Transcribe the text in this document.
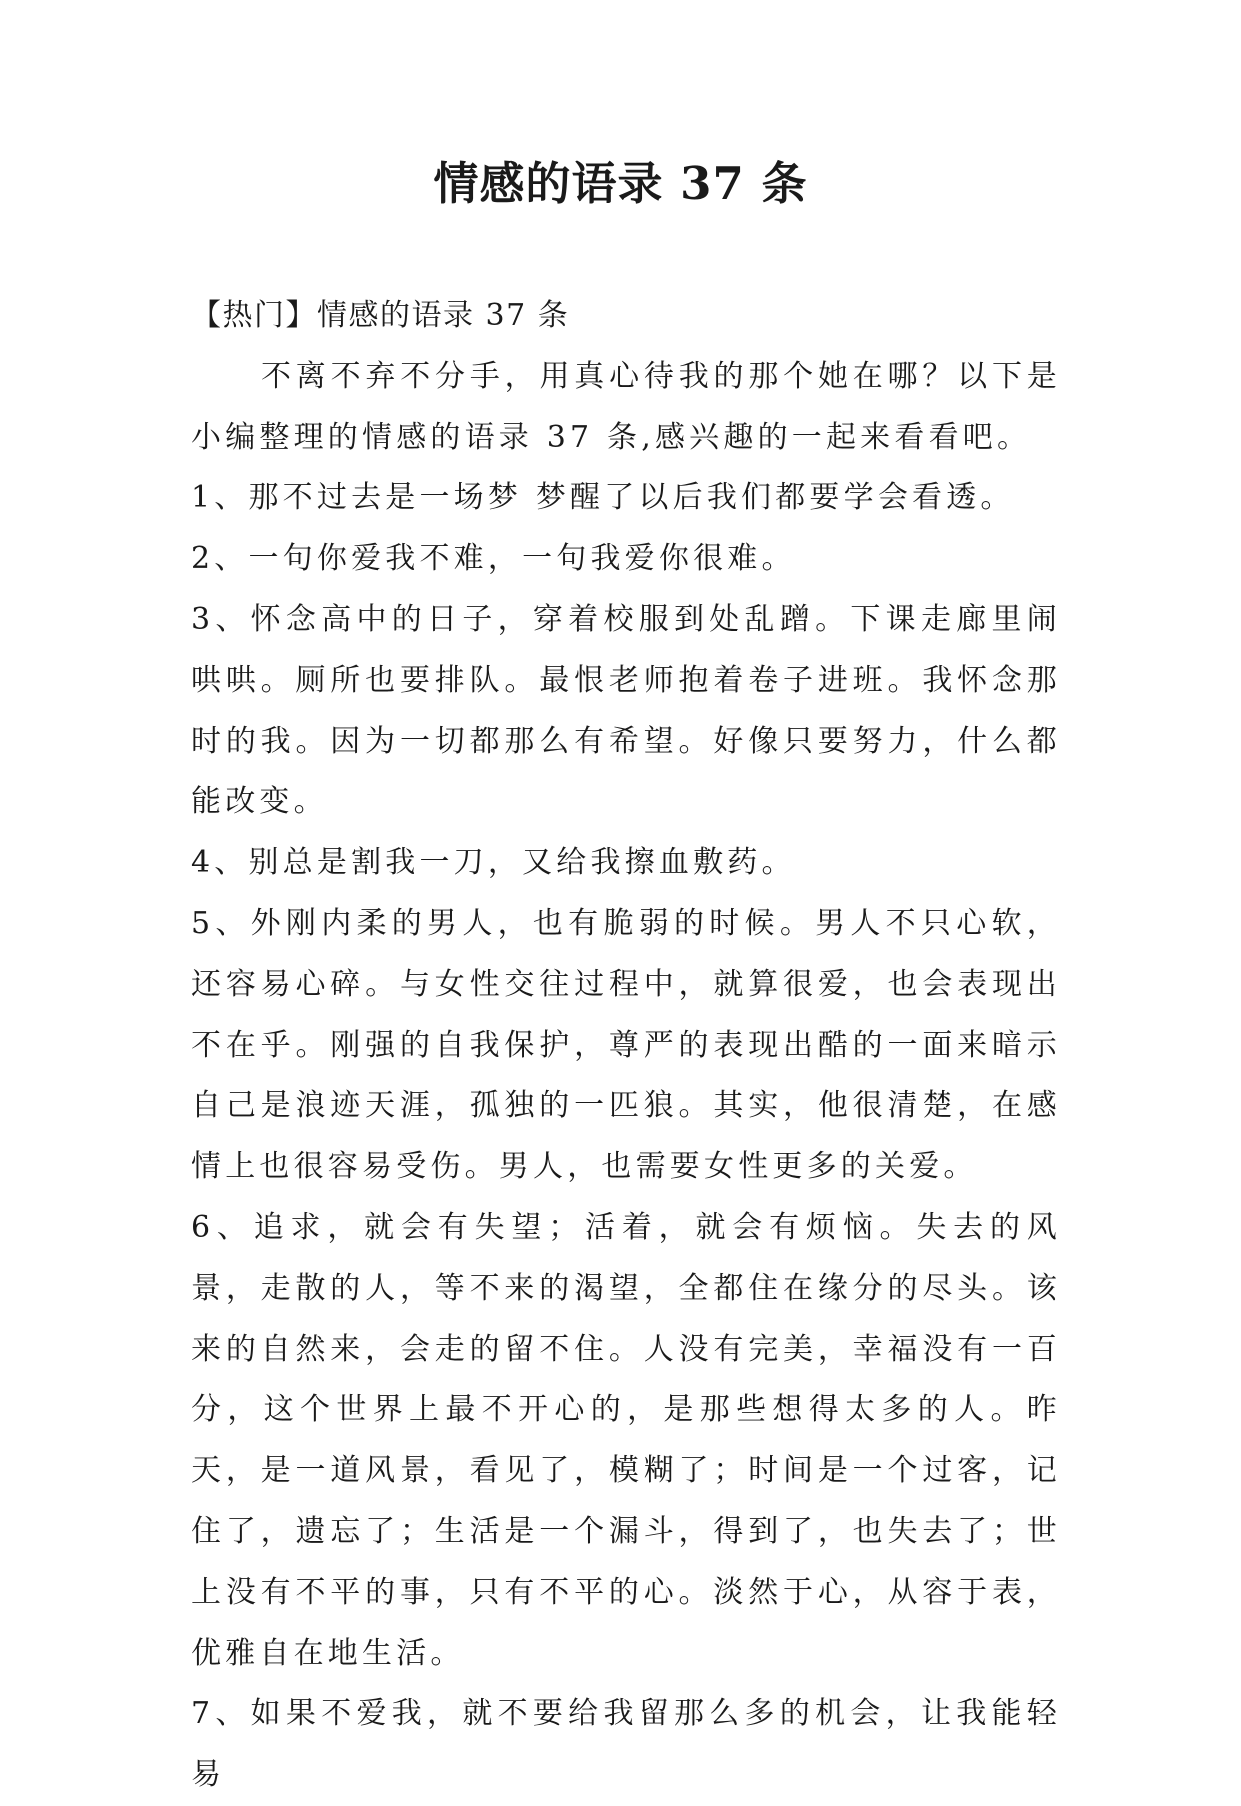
情感的语录 37 条

【热门】情感的语录 37 条

不离不弃不分手，用真心待我的那个她在哪？以下是小编整理的情感的语录 37 条,感兴趣的一起来看看吧。

1、那不过去是一场梦 梦醒了以后我们都要学会看透。

2、一句你爱我不难，一句我爱你很难。

3、怀念高中的日子，穿着校服到处乱蹭。下课走廊里闹哄哄。厕所也要排队。最恨老师抱着卷子进班。我怀念那时的我。因为一切都那么有希望。好像只要努力，什么都能改变。

4、别总是割我一刀，又给我擦血敷药。

5、外刚内柔的男人，也有脆弱的时候。男人不只心软，还容易心碎。与女性交往过程中，就算很爱，也会表现出不在乎。刚强的自我保护，尊严的表现出酷的一面来暗示自己是浪迹天涯，孤独的一匹狼。其实，他很清楚，在感情上也很容易受伤。男人，也需要女性更多的关爱。

6、追求，就会有失望；活着，就会有烦恼。失去的风景，走散的人，等不来的渴望，全都住在缘分的尽头。该来的自然来，会走的留不住。人没有完美，幸福没有一百分，这个世界上最不开心的，是那些想得太多的人。昨天，是一道风景，看见了，模糊了；时间是一个过客，记住了，遗忘了；生活是一个漏斗，得到了，也失去了；世上没有不平的事，只有不平的心。淡然于心，从容于表，优雅自在地生活。

7、如果不爱我，就不要给我留那么多的机会，让我能轻易
